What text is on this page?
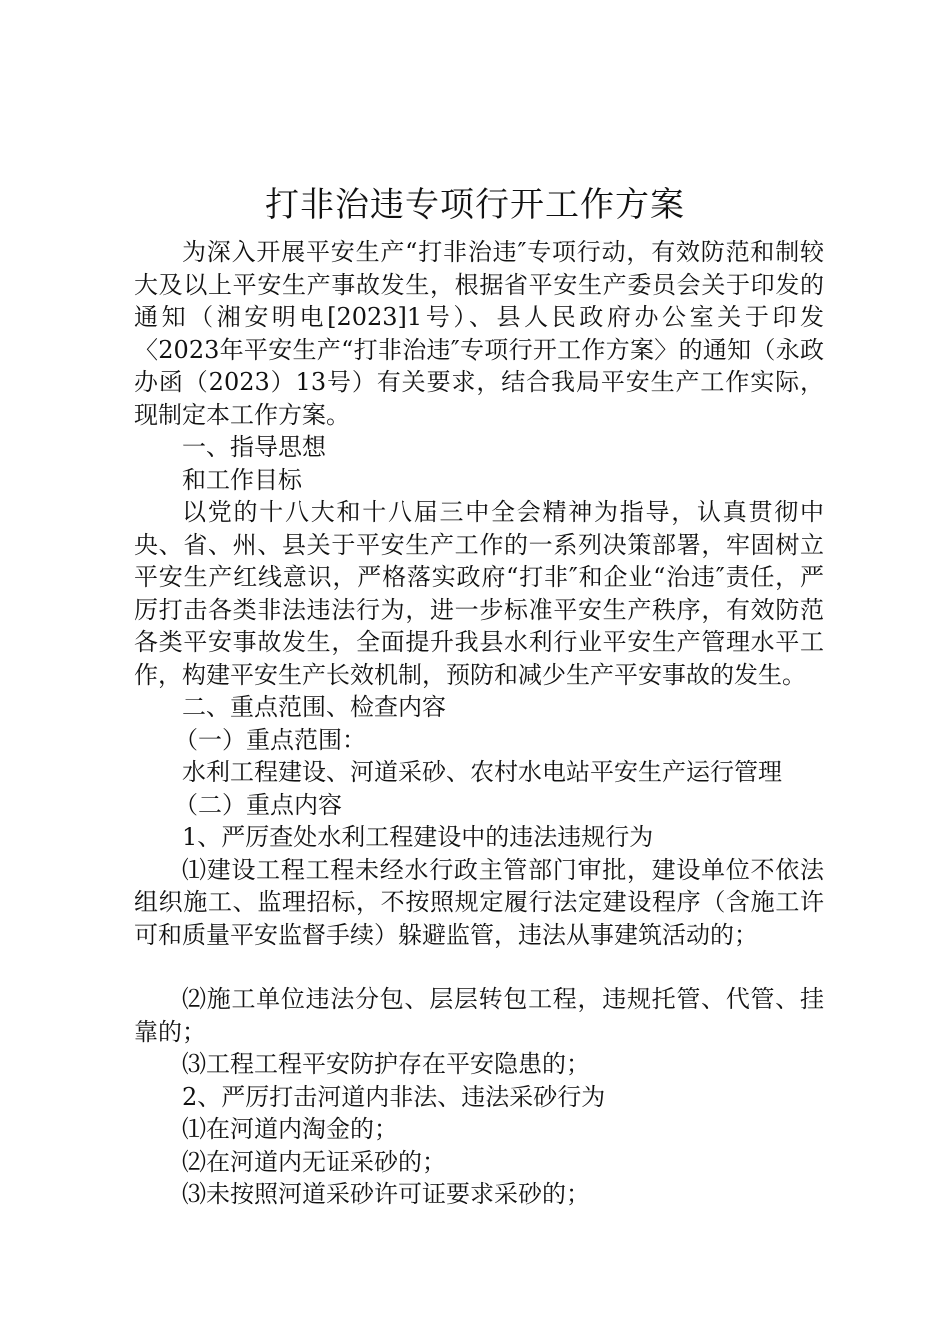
打非治违专项行开工作方案

为深入开展平安生产“打非治违″专项行动，有效防范和制较大及以上平安生产事故发生，根据省平安生产委员会关于印发的通知（湘安明电[2023]1号）、县人民政府办公室关于印发〈2023年平安生产“打非治违″专项行开工作方案〉的通知（永政办函（2023）13号）有关要求，结合我局平安生产工作实际，现制定本工作方案。

一、指导思想

和工作目标

以党的十八大和十八届三中全会精神为指导，认真贯彻中央、省、州、县关于平安生产工作的一系列决策部署，牢固树立平安生产红线意识，严格落实政府“打非″和企业“治违″责任，严厉打击各类非法违法行为，进一步标准平安生产秩序，有效防范各类平安事故发生，全面提升我县水利行业平安生产管理水平工作，构建平安生产长效机制，预防和减少生产平安事故的发生。

二、重点范围、检查内容

（一）重点范围：

水利工程建设、河道采砂、农村水电站平安生产运行管理

（二）重点内容

1、严厉查处水利工程建设中的违法违规行为

⑴建设工程工程未经水行政主管部门审批，建设单位不依法组织施工、监理招标，不按照规定履行法定建设程序（含施工许可和质量平安监督手续）躲避监管，违法从事建筑活动的；

⑵施工单位违法分包、层层转包工程，违规托管、代管、挂靠的；

⑶工程工程平安防护存在平安隐患的；

2、严厉打击河道内非法、违法采砂行为

⑴在河道内淘金的；

⑵在河道内无证采砂的；

⑶未按照河道采砂许可证要求采砂的；
